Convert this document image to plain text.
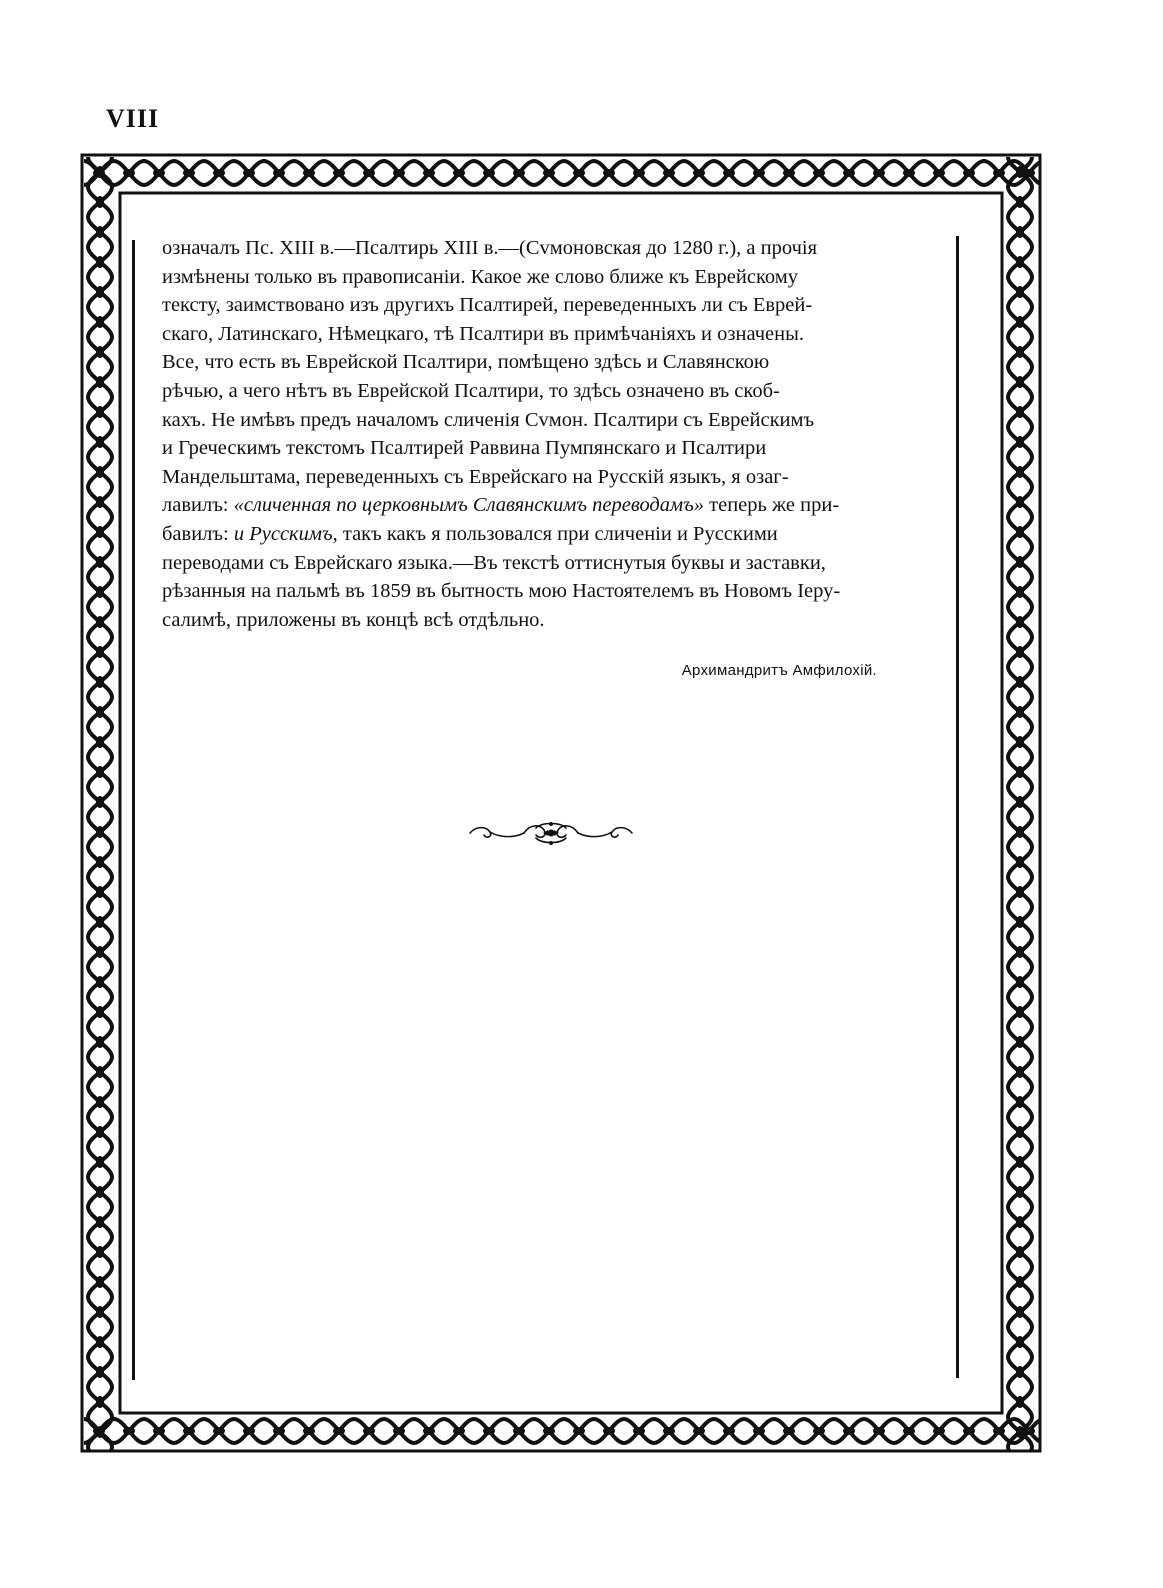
VIII

означалъ Пс. XIII в.—Псалтирь XIII в.—(Сvмоновская до 1280 г.), а прочія

измѣнены только въ правописаніи. Какое же слово ближе къ Еврейскому

тексту, заимствовано изъ другихъ Псалтирей, переведенныхъ ли съ Еврей-

скаго, Латинскаго, Нѣмецкаго, тѣ Псалтири въ примѣчаніяхъ и означены.

Все, что есть въ Еврейской Псалтири, помѣщено здѣсь и Славянскою

рѣчью, а чего нѣтъ въ Еврейской Псалтири, то здѣсь означено въ скоб-

кахъ. Не имѣвъ предъ началомъ сличенія Сvмон. Псалтири съ Еврейскимъ

и Греческимъ текстомъ Псалтирей Раввина Пумпянскаго и Псалтири

Мандельштама, переведенныхъ съ Еврейскаго на Русскій языкъ, я озаг-

лавилъ: «сличенная по церковнымъ Славянскимъ переводамъ» теперь же при-

бавилъ: и Русскимъ, такъ какъ я пользовался при сличеніи и Русскими

переводами съ Еврейскаго языка.—Въ текстѣ оттиснутыя буквы и заставки,

рѣзанныя на пальмѣ въ 1859 въ бытность мою Настоятелемъ въ Новомъ Іеру-

салимѣ, приложены въ концѣ всѣ отдѣльно.

Архимандритъ Амфилохій.
